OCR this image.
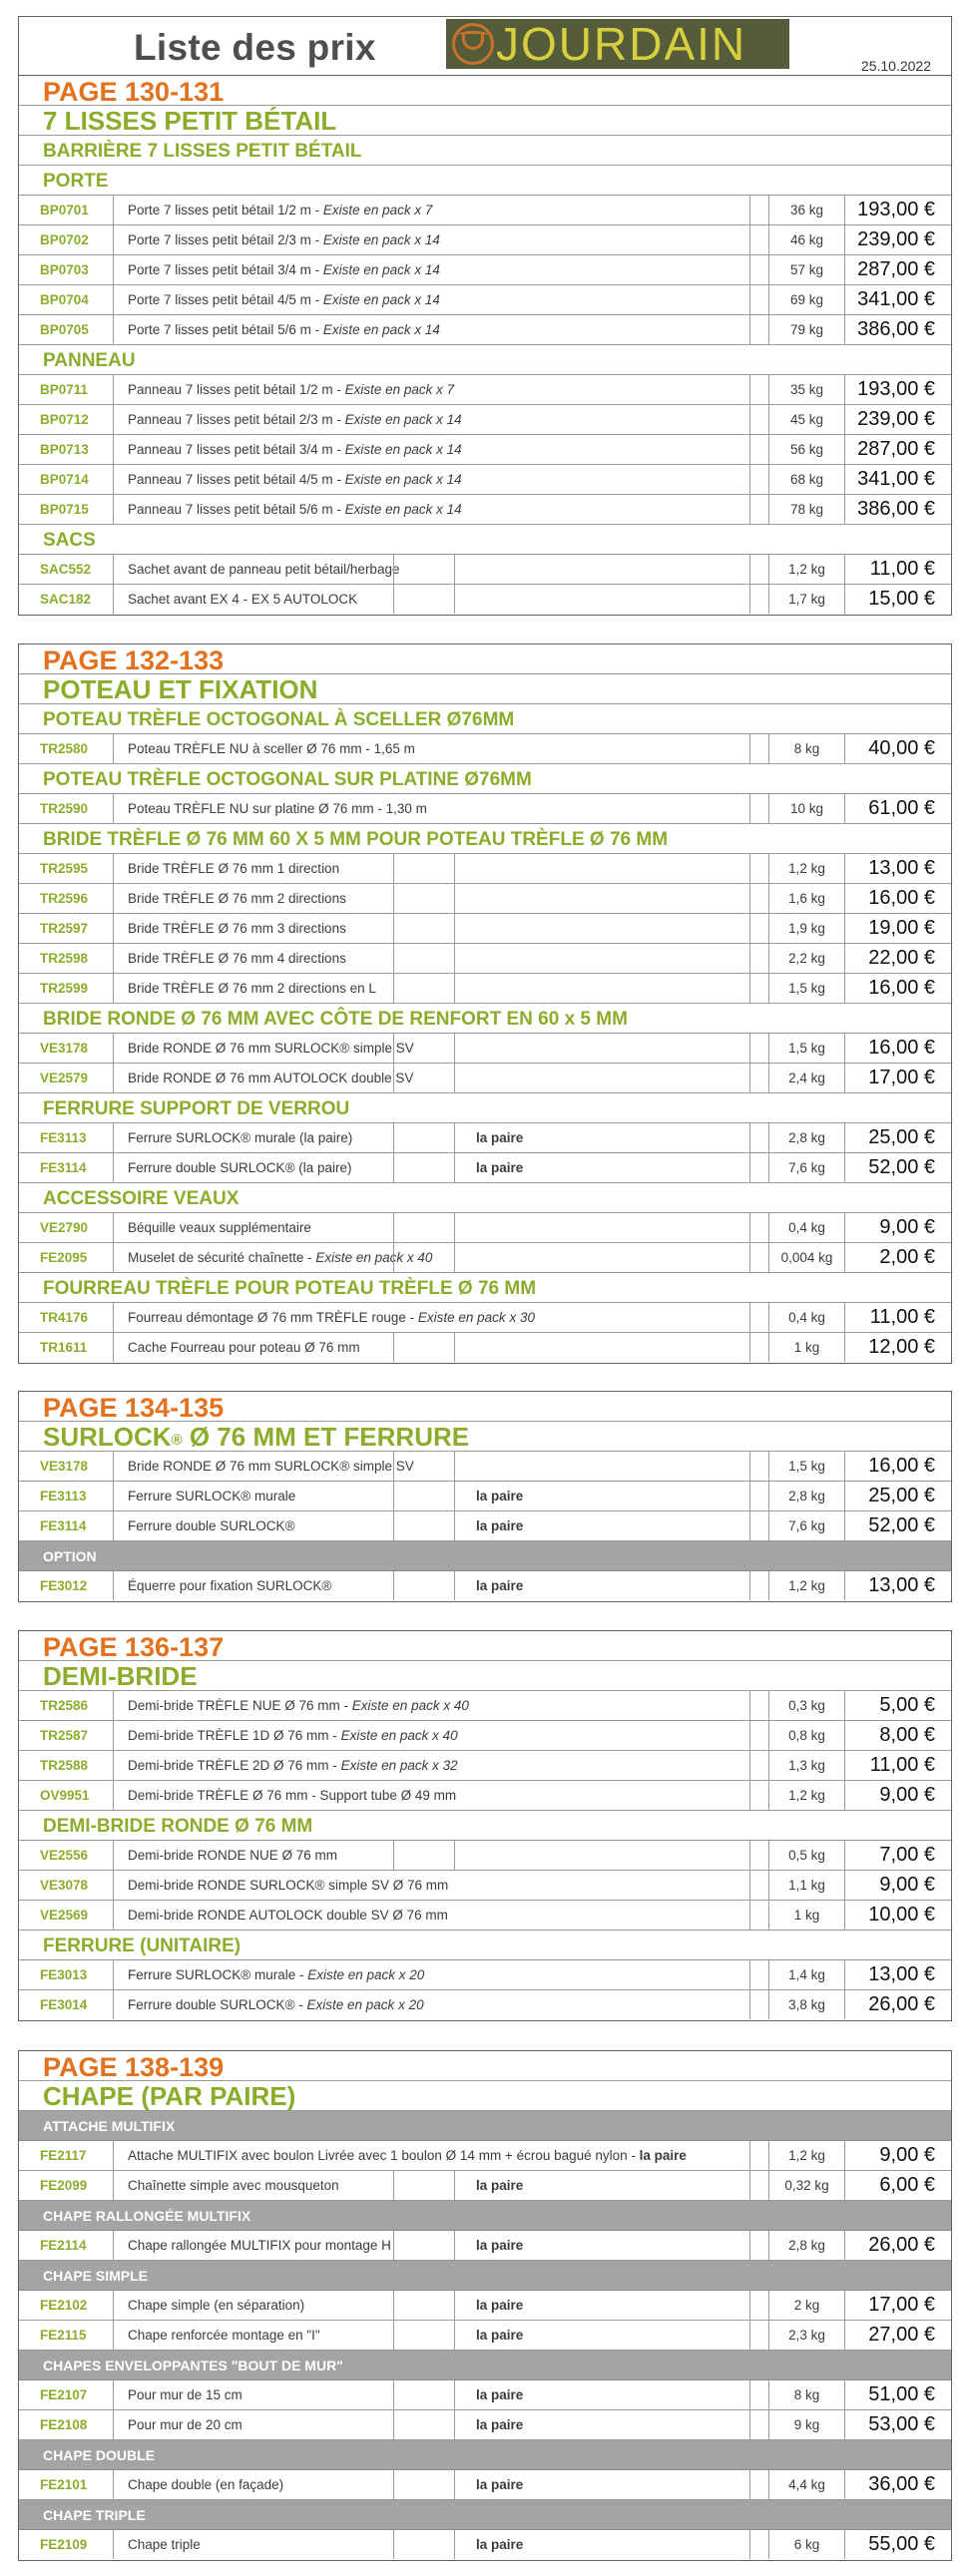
Liste des prix	JOURDAIN	25.10.2022
PAGE 130-131
7 LISSES PETIT BÉTAIL
BARRIÈRE 7 LISSES PETIT BÉTAIL
PORTE
BP0701	Porte 7 lisses petit bétail 1/2 m - Existe en pack x 7	36 kg	193,00 €
BP0702	Porte 7 lisses petit bétail 2/3 m - Existe en pack x 14	46 kg	239,00 €
BP0703	Porte 7 lisses petit bétail 3/4 m - Existe en pack x 14	57 kg	287,00 €
BP0704	Porte 7 lisses petit bétail 4/5 m - Existe en pack x 14	69 kg	341,00 €
BP0705	Porte 7 lisses petit bétail 5/6 m - Existe en pack x 14	79 kg	386,00 €
PANNEAU
BP0711	Panneau 7 lisses petit bétail 1/2 m - Existe en pack x 7	35 kg	193,00 €
BP0712	Panneau 7 lisses petit bétail 2/3 m - Existe en pack x 14	45 kg	239,00 €
BP0713	Panneau 7 lisses petit bétail 3/4 m - Existe en pack x 14	56 kg	287,00 €
BP0714	Panneau 7 lisses petit bétail 4/5 m - Existe en pack x 14	68 kg	341,00 €
BP0715	Panneau 7 lisses petit bétail 5/6 m - Existe en pack x 14	78 kg	386,00 €
SACS
SAC552	Sachet avant de panneau petit bétail/herbage	1,2 kg	11,00 €
SAC182	Sachet avant EX 4 - EX 5 AUTOLOCK	1,7 kg	15,00 €
PAGE 132-133
POTEAU ET FIXATION
POTEAU TRÈFLE OCTOGONAL À SCELLER Ø76MM
TR2580	Poteau TRÈFLE NU à sceller Ø 76 mm - 1,65 m	8 kg	40,00 €
POTEAU TRÈFLE OCTOGONAL SUR PLATINE Ø76MM
TR2590	Poteau TRÈFLE NU sur platine Ø 76 mm - 1,30 m	10 kg	61,00 €
BRIDE TRÈFLE Ø 76 MM 60 X 5 MM POUR POTEAU TRÈFLE Ø 76 MM
TR2595	Bride TRÈFLE Ø 76 mm 1 direction	1,2 kg	13,00 €
TR2596	Bride TRÈFLE Ø 76 mm 2 directions	1,6 kg	16,00 €
TR2597	Bride TRÈFLE Ø 76 mm 3 directions	1,9 kg	19,00 €
TR2598	Bride TRÈFLE Ø 76 mm 4 directions	2,2 kg	22,00 €
TR2599	Bride TRÈFLE Ø 76 mm 2 directions en L	1,5 kg	16,00 €
BRIDE RONDE Ø 76 MM AVEC CÔTE DE RENFORT EN 60 x 5 MM
VE3178	Bride RONDE Ø 76 mm SURLOCK® simple SV	1,5 kg	16,00 €
VE2579	Bride RONDE Ø 76 mm AUTOLOCK double SV	2,4 kg	17,00 €
FERRURE SUPPORT DE VERROU
FE3113	Ferrure SURLOCK® murale (la paire)	la paire	2,8 kg	25,00 €
FE3114	Ferrure double SURLOCK® (la paire)	la paire	7,6 kg	52,00 €
ACCESSOIRE VEAUX
VE2790	Béquille veaux supplémentaire	0,4 kg	9,00 €
FE2095	Muselet de sécurité chaînette - Existe en pack x 40	0,004 kg	2,00 €
FOURREAU TRÈFLE POUR POTEAU TRÈFLE Ø 76 MM
TR4176	Fourreau démontage Ø 76 mm TRÈFLE rouge - Existe en pack x 30	0,4 kg	11,00 €
TR1611	Cache Fourreau pour poteau Ø 76 mm	1 kg	12,00 €
PAGE 134-135
SURLOCK® Ø 76 MM ET FERRURE
VE3178	Bride RONDE Ø 76 mm SURLOCK® simple SV	1,5 kg	16,00 €
FE3113	Ferrure SURLOCK® murale	la paire	2,8 kg	25,00 €
FE3114	Ferrure double SURLOCK®	la paire	7,6 kg	52,00 €
OPTION
FE3012	Équerre pour fixation SURLOCK®	la paire	1,2 kg	13,00 €
PAGE 136-137
DEMI-BRIDE
TR2586	Demi-bride TRÈFLE NUE Ø 76 mm - Existe en pack x 40	0,3 kg	5,00 €
TR2587	Demi-bride TRÈFLE 1D Ø 76 mm - Existe en pack x 40	0,8 kg	8,00 €
TR2588	Demi-bride TRÈFLE 2D Ø 76 mm - Existe en pack x 32	1,3 kg	11,00 €
OV9951	Demi-bride TRÈFLE Ø 76 mm - Support tube Ø 49 mm	1,2 kg	9,00 €
DEMI-BRIDE RONDE Ø 76 MM
VE2556	Demi-bride RONDE NUE Ø 76 mm	0,5 kg	7,00 €
VE3078	Demi-bride RONDE SURLOCK® simple SV Ø 76 mm	1,1 kg	9,00 €
VE2569	Demi-bride RONDE AUTOLOCK double SV Ø 76 mm	1 kg	10,00 €
FERRURE (UNITAIRE)
FE3013	Ferrure SURLOCK® murale - Existe en pack x 20	1,4 kg	13,00 €
FE3014	Ferrure double SURLOCK® - Existe en pack x 20	3,8 kg	26,00 €
PAGE 138-139
CHAPE (PAR PAIRE)
ATTACHE MULTIFIX
FE2117	Attache MULTIFIX avec boulon Livrée avec 1 boulon Ø 14 mm + écrou bagué nylon - la paire	1,2 kg	9,00 €
FE2099	Chaînette simple avec mousqueton	la paire	0,32 kg	6,00 €
CHAPE RALLONGÉE MULTIFIX
FE2114	Chape rallongée MULTIFIX pour montage H	la paire	2,8 kg	26,00 €
CHAPE SIMPLE
FE2102	Chape simple (en séparation)	la paire	2 kg	17,00 €
FE2115	Chape renforcée montage en "I"	la paire	2,3 kg	27,00 €
CHAPES ENVELOPPANTES "BOUT DE MUR"
FE2107	Pour mur de 15 cm	la paire	8 kg	51,00 €
FE2108	Pour mur de 20 cm	la paire	9 kg	53,00 €
CHAPE DOUBLE
FE2101	Chape double (en façade)	la paire	4,4 kg	36,00 €
CHAPE TRIPLE
FE2109	Chape triple	la paire	6 kg	55,00 €
